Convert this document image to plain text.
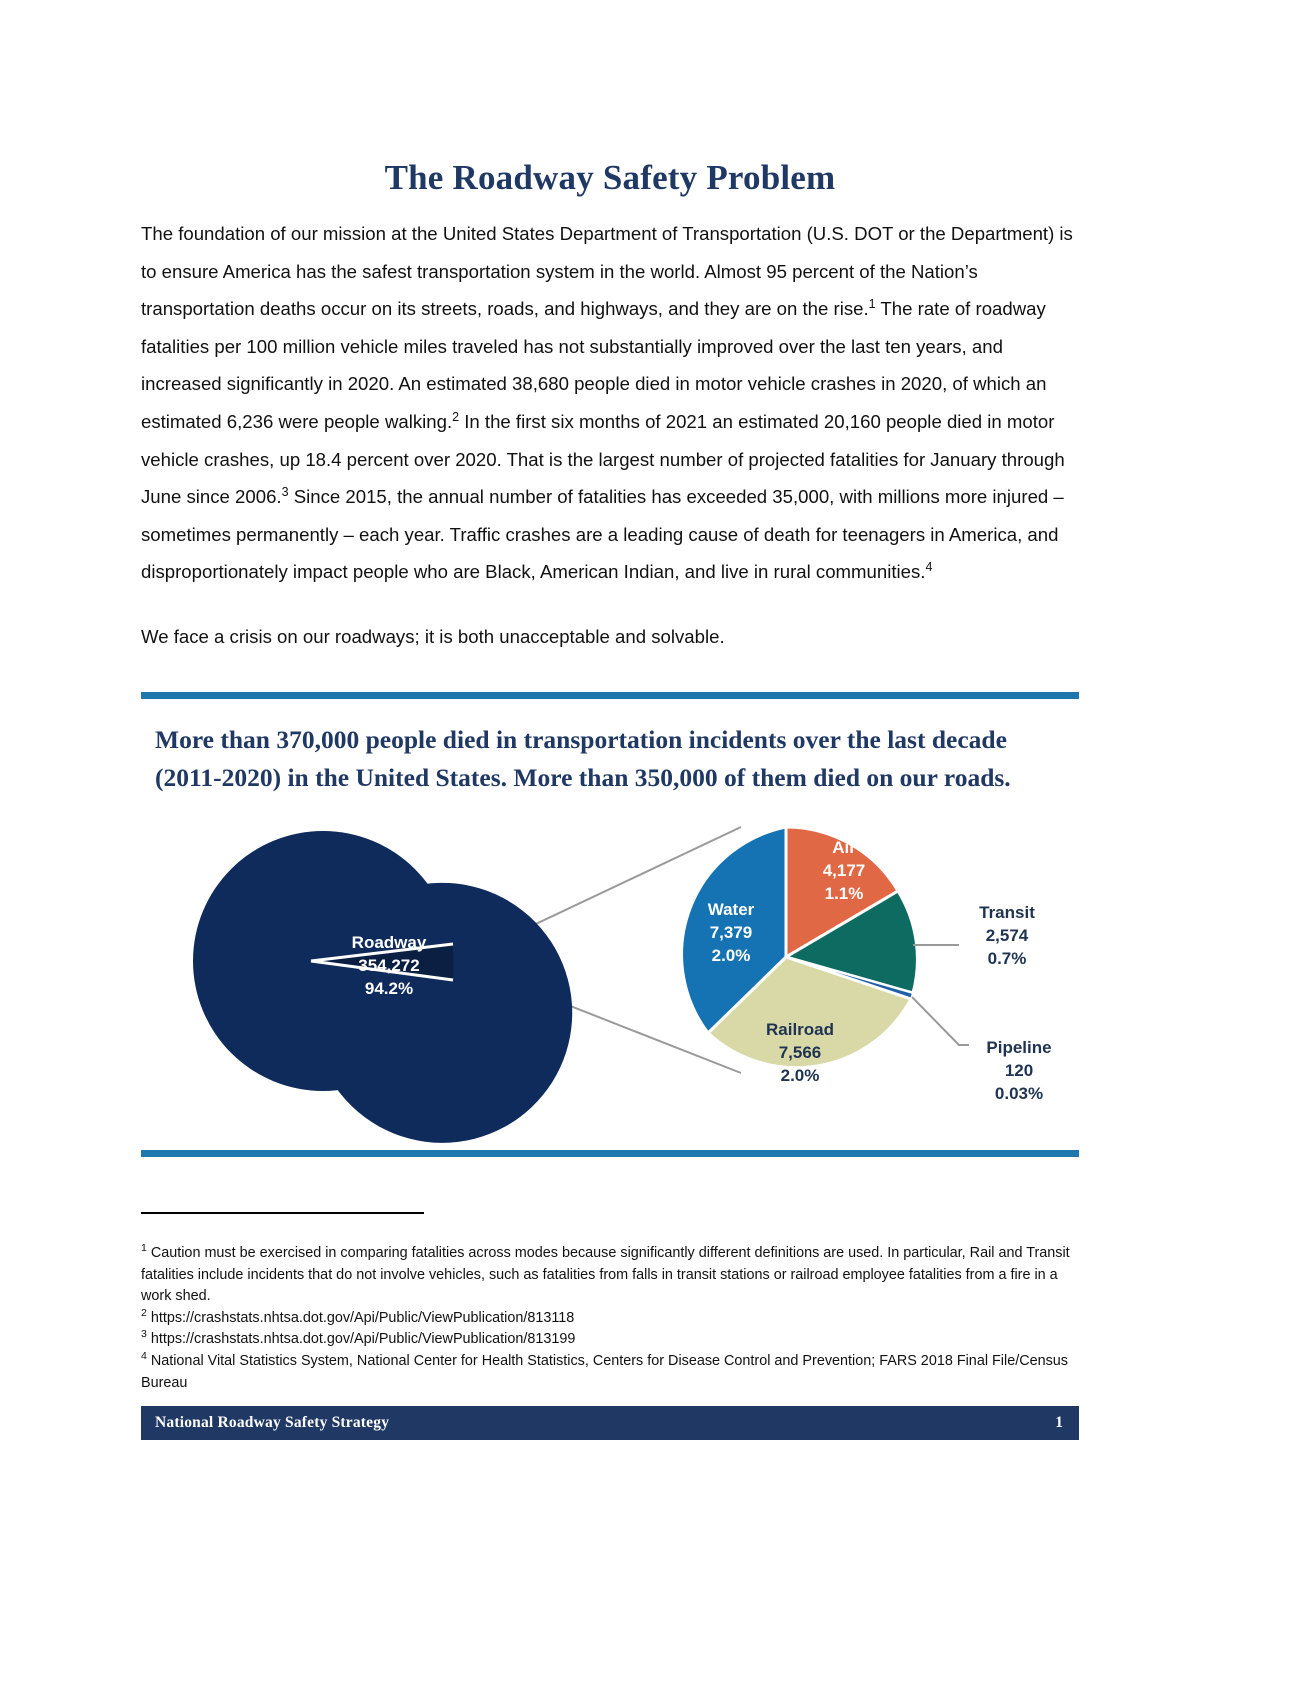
The Roadway Safety Problem

The foundation of our mission at the United States Department of Transportation (U.S. DOT or the Department) is to ensure America has the safest transportation system in the world. Almost 95 percent of the Nation’s transportation deaths occur on its streets, roads, and highways, and they are on the rise.$^1$ The rate of roadway fatalities per 100 million vehicle miles traveled has not substantially improved over the last ten years, and increased significantly in 2020. An estimated 38,680 people died in motor vehicle crashes in 2020, of which an estimated 6,236 were people walking.$^2$ In the first six months of 2021 an estimated 20,160 people died in motor vehicle crashes, up 18.4 percent over 2020. That is the largest number of projected fatalities for January through June since 2006.$^3$ Since 2015, the annual number of fatalities has exceeded 35,000, with millions more injured – sometimes permanently – each year. Traffic crashes are a leading cause of death for teenagers in America, and disproportionately impact people who are Black, American Indian, and live in rural communities.$^4$

We face a crisis on our roadways; it is both unacceptable and solvable.

More than 370,000 people died in transportation incidents over the last decade
(2011-2020) in the United States. More than 350,000 of them died on our roads.
Roadway
354,272
94.2%
Air
4,177
1.1%
Water
7,379
2.0%
Railroad
7,566
2.0%
Transit
2,574
0.7%
Pipeline
120
0.03%

$^1$ Caution must be exercised in comparing fatalities across modes because significantly different definitions are used. In particular, Rail and Transit fatalities include incidents that do not involve vehicles, such as fatalities from falls in transit stations or railroad employee fatalities from a fire in a work shed.

$^2$ https://crashstats.nhtsa.dot.gov/Api/Public/ViewPublication/813118

$^3$ https://crashstats.nhtsa.dot.gov/Api/Public/ViewPublication/813199

$^4$ National Vital Statistics System, National Center for Health Statistics, Centers for Disease Control and Prevention; FARS 2018 Final File/Census Bureau

National Roadway Safety Strategy	1
